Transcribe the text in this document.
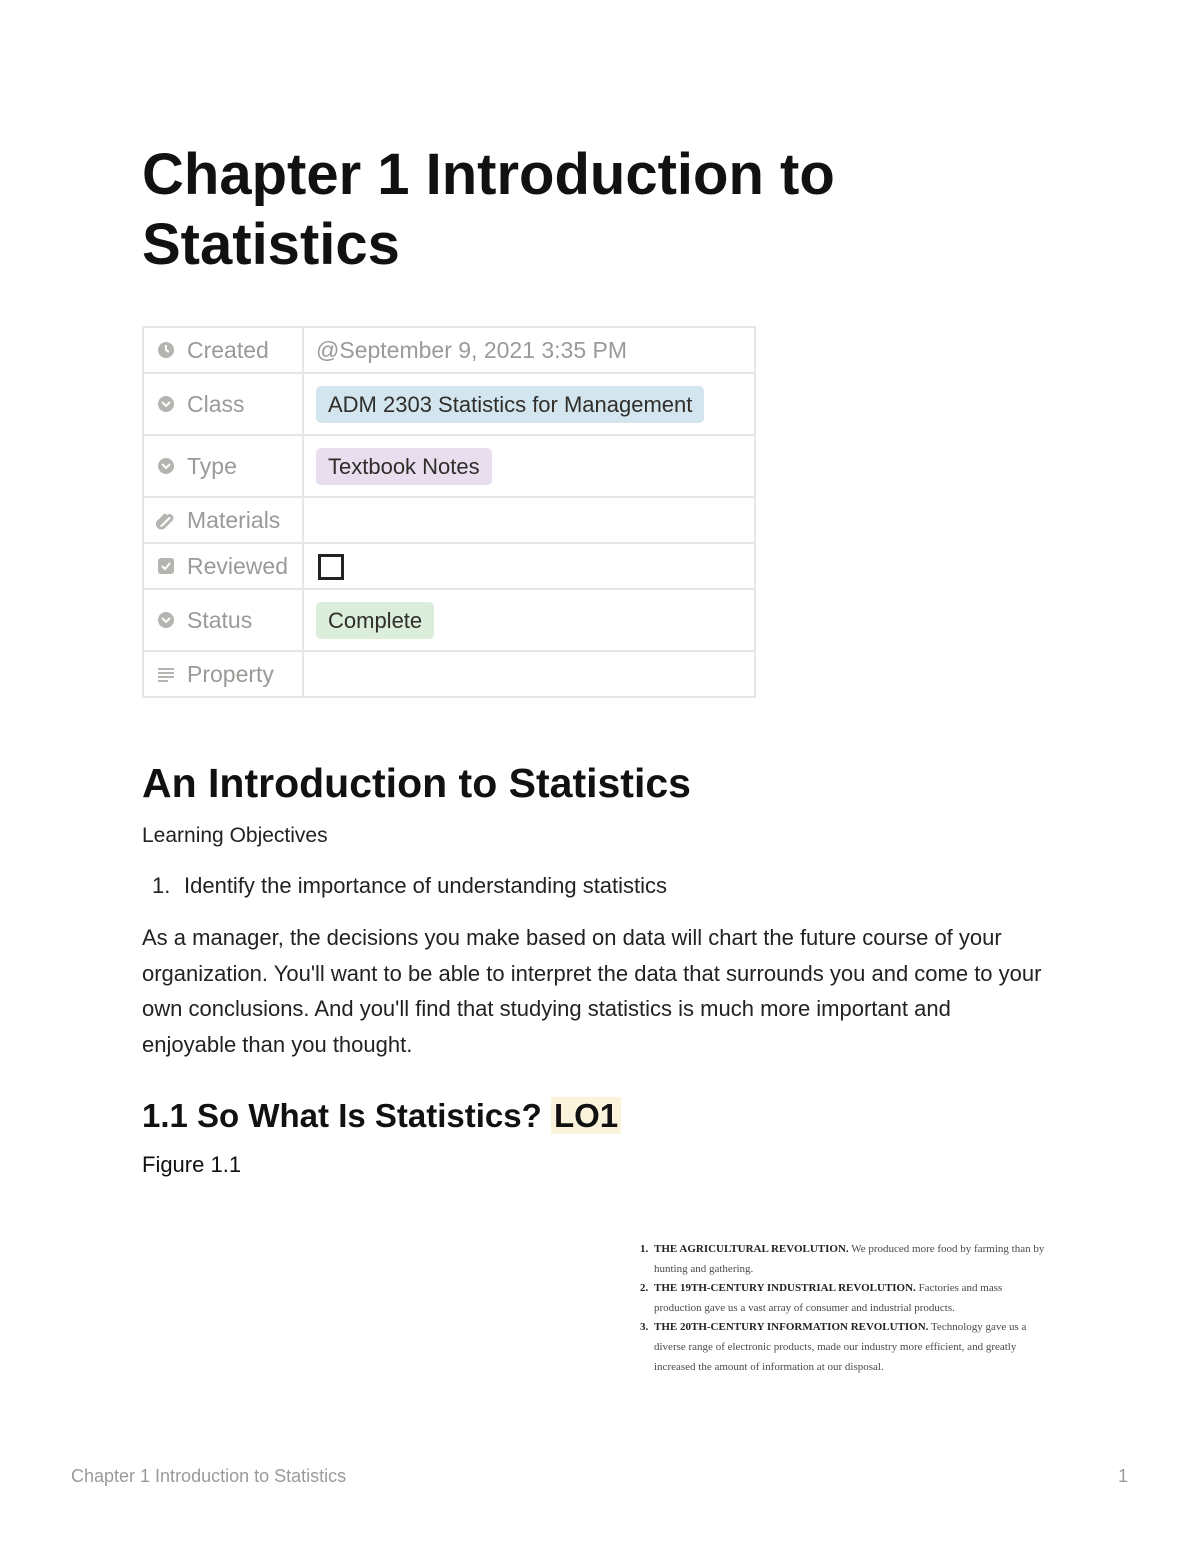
Chapter 1 Introduction to Statistics
Created	@September 9, 2021 3:35 PM

Class	ADM 2303 Statistics for Management

Type	Textbook Notes

Materials	

Reviewed	

Status	Complete

Property	

An Introduction to Statistics
Learning Objectives
1. Identify the importance of understanding statistics

As a manager, the decisions you make based on data will chart the future course of your organization. You'll want to be able to interpret the data that surrounds you and come to your own conclusions. And you'll find that studying statistics is much more important and enjoyable than you thought.

1.1 So What Is Statistics? LO1
Figure 1.1
1. THE AGRICULTURAL REVOLUTION. We produced more food by farming than by hunting and gathering.
2. THE 19TH-CENTURY INDUSTRIAL REVOLUTION. Factories and mass production gave us a vast array of consumer and industrial products.
3. THE 20TH-CENTURY INFORMATION REVOLUTION. Technology gave us a diverse range of electronic products, made our industry more efficient, and greatly increased the amount of information at our disposal.
Chapter 1 Introduction to Statistics	1
